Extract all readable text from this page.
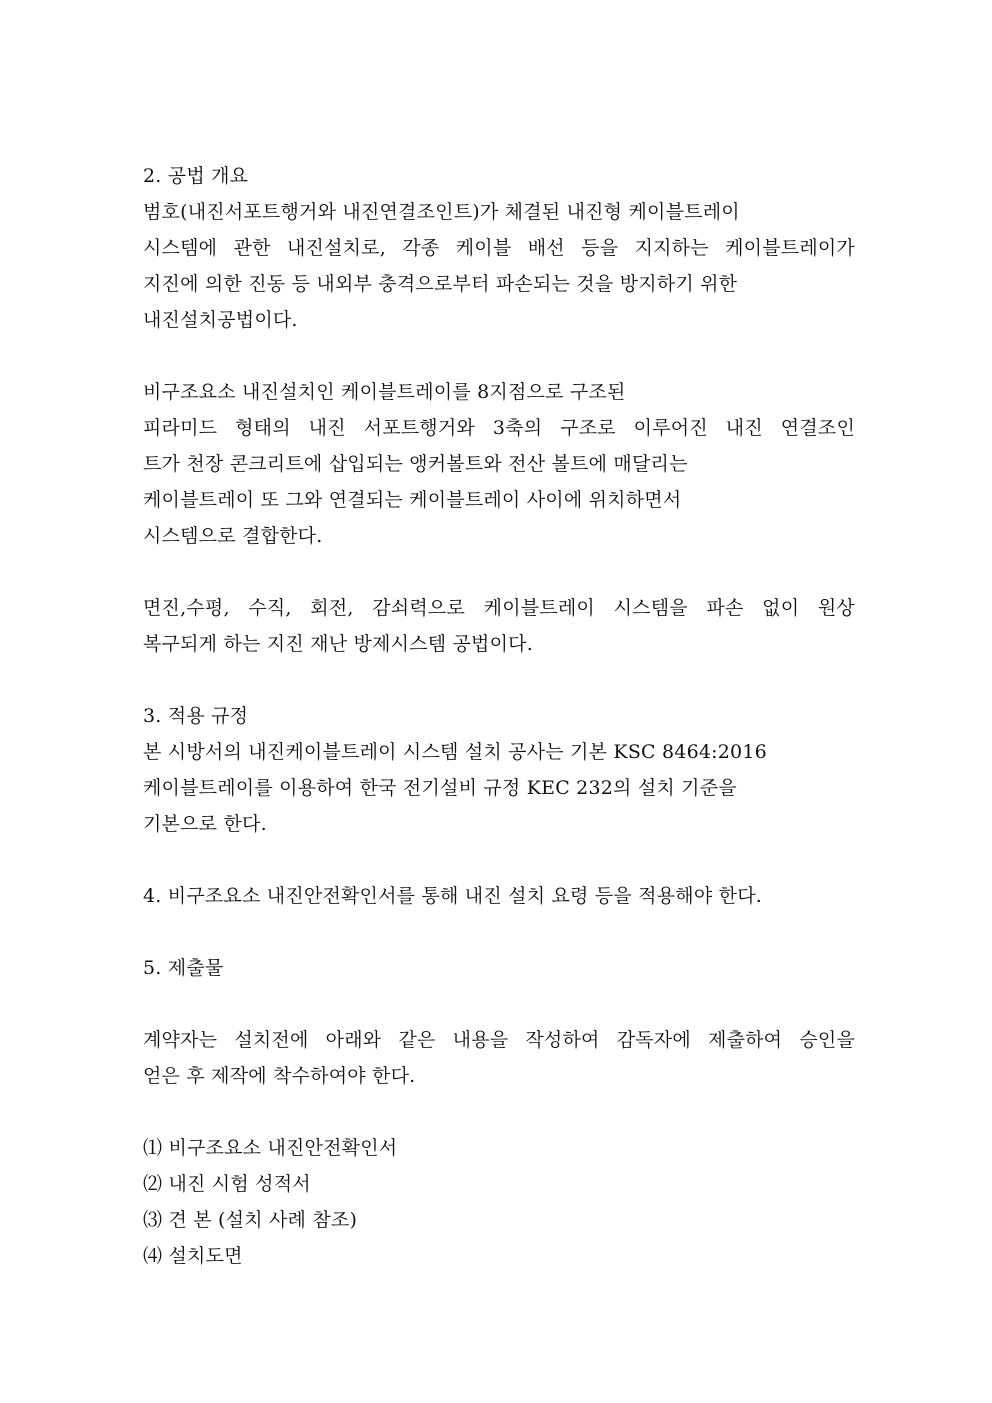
2. 공법 개요
범호(내진서포트행거와 내진연결조인트)가 체결된 내진형 케이블트레이
시스템에 관한 내진설치로, 각종 케이블 배선 등을 지지하는 케이블트레이가
지진에 의한 진동 등 내외부 충격으로부터 파손되는 것을 방지하기 위한
내진설치공법이다.
비구조요소 내진설치인 케이블트레이를 8지점으로 구조된
피라미드 형태의 내진 서포트행거와 3축의 구조로 이루어진 내진 연결조인
트가 천장 콘크리트에 삽입되는 앵커볼트와 전산 볼트에 매달리는
케이블트레이 또 그와 연결되는 케이블트레이 사이에 위치하면서
시스템으로 결합한다.
면진,수평, 수직, 회전, 감쇠력으로 케이블트레이 시스템을 파손 없이 원상
복구되게 하는 지진 재난 방제시스템 공법이다.
3. 적용 규정
본 시방서의 내진케이블트레이 시스템 설치 공사는 기본 KSC 8464:2016
케이블트레이를 이용하여 한국 전기설비 규정 KEC 232의 설치 기준을
기본으로 한다.
4. 비구조요소 내진안전확인서를 통해 내진 설치 요령 등을 적용해야 한다.
5. 제출물
계약자는 설치전에 아래와 같은 내용을 작성하여 감독자에 제출하여 승인을
얻은 후 제작에 착수하여야 한다.
⑴ 비구조요소 내진안전확인서
⑵ 내진 시험 성적서
⑶ 견 본 (설치 사례 참조)
⑷ 설치도면
